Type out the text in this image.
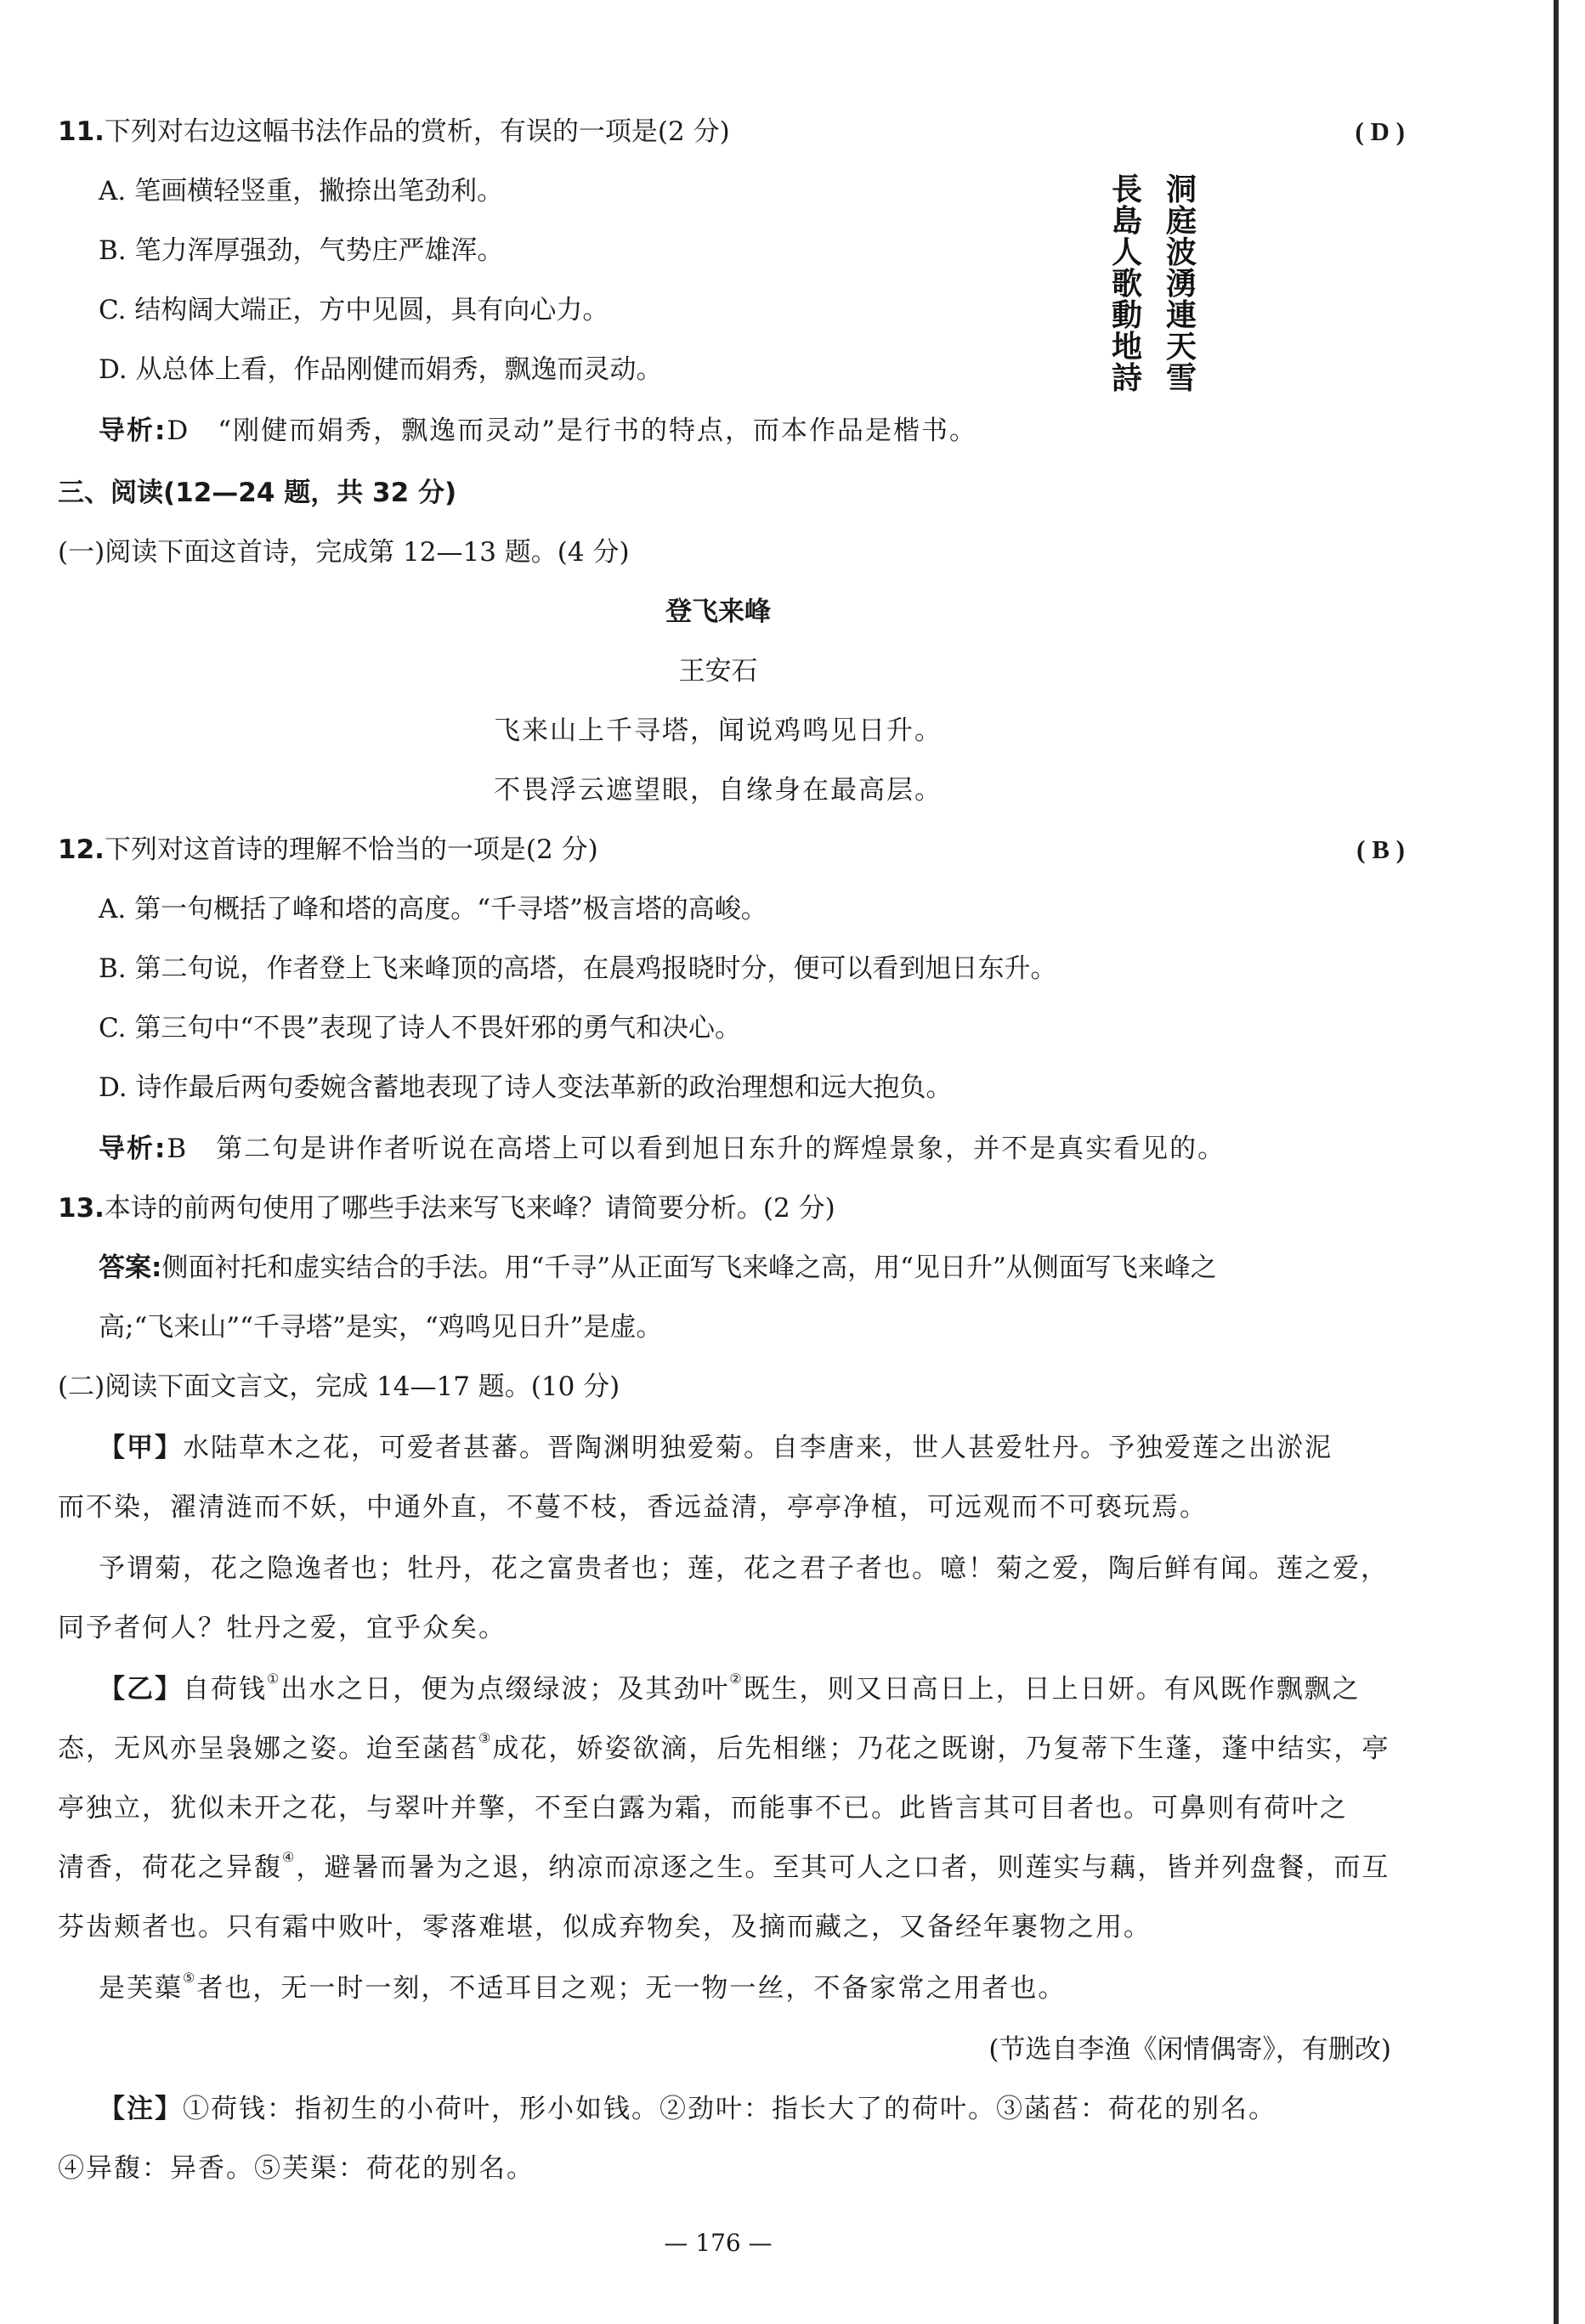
11.下列对右边这幅书法作品的赏析，有误的一项是(2 分)	( D )
A. 笔画横轻竖重，撇捺出笔劲利。
B. 笔力浑厚强劲，气势庄严雄浑。
C. 结构阔大端正，方中见圆，具有向心力。
D. 从总体上看，作品刚健而娟秀，飘逸而灵动。
导析:D　“刚健而娟秀，飘逸而灵动”是行书的特点，而本作品是楷书。
洞
庭
波
湧
連
天
雪
長
島
人
歌
動
地
詩
三、阅读(12—24 题，共 32 分)
(一)阅读下面这首诗，完成第 12—13 题。(4 分)
登飞来峰
王安石
飞来山上千寻塔，闻说鸡鸣见日升。
不畏浮云遮望眼，自缘身在最高层。
12.下列对这首诗的理解不恰当的一项是(2 分)	( B )
A. 第一句概括了峰和塔的高度。“千寻塔”极言塔的高峻。
B. 第二句说，作者登上飞来峰顶的高塔，在晨鸡报晓时分，便可以看到旭日东升。
C. 第三句中“不畏”表现了诗人不畏奸邪的勇气和决心。
D. 诗作最后两句委婉含蓄地表现了诗人变法革新的政治理想和远大抱负。
导析:B　第二句是讲作者听说在高塔上可以看到旭日东升的辉煌景象，并不是真实看见的。
13.本诗的前两句使用了哪些手法来写飞来峰？请简要分析。(2 分)
答案:侧面衬托和虚实结合的手法。用“千寻”从正面写飞来峰之高，用“见日升”从侧面写飞来峰之
高;“飞来山”“千寻塔”是实，“鸡鸣见日升”是虚。
(二)阅读下面文言文，完成 14—17 题。(10 分)
【甲】水陆草木之花，可爱者甚蕃。晋陶渊明独爱菊。自李唐来，世人甚爱牡丹。予独爱莲之出淤泥
而不染，濯清涟而不妖，中通外直，不蔓不枝，香远益清，亭亭净植，可远观而不可亵玩焉。
予谓菊，花之隐逸者也；牡丹，花之富贵者也；莲，花之君子者也。噫！菊之爱，陶后鲜有闻。莲之爱，
同予者何人？牡丹之爱，宜乎众矣。
【乙】自荷钱①出水之日，便为点缀绿波；及其劲叶②既生，则又日高日上，日上日妍。有风既作飘飘之
态，无风亦呈袅娜之姿。迨至菡萏③成花，娇姿欲滴，后先相继；乃花之既谢，乃复蒂下生蓬，蓬中结实，亭
亭独立，犹似未开之花，与翠叶并擎，不至白露为霜，而能事不已。此皆言其可目者也。可鼻则有荷叶之
清香，荷花之异馥④，避暑而暑为之退，纳凉而凉逐之生。至其可人之口者，则莲实与藕，皆并列盘餐，而互
芬齿颊者也。只有霜中败叶，零落难堪，似成弃物矣，及摘而藏之，又备经年裹物之用。
是芙蕖⑤者也，无一时一刻，不适耳目之观；无一物一丝，不备家常之用者也。
(节选自李渔《闲情偶寄》，有删改)
【注】①荷钱：指初生的小荷叶，形小如钱。②劲叶：指长大了的荷叶。③菡萏：荷花的别名。
④异馥：异香。⑤芙渠：荷花的别名。
— 176 —
